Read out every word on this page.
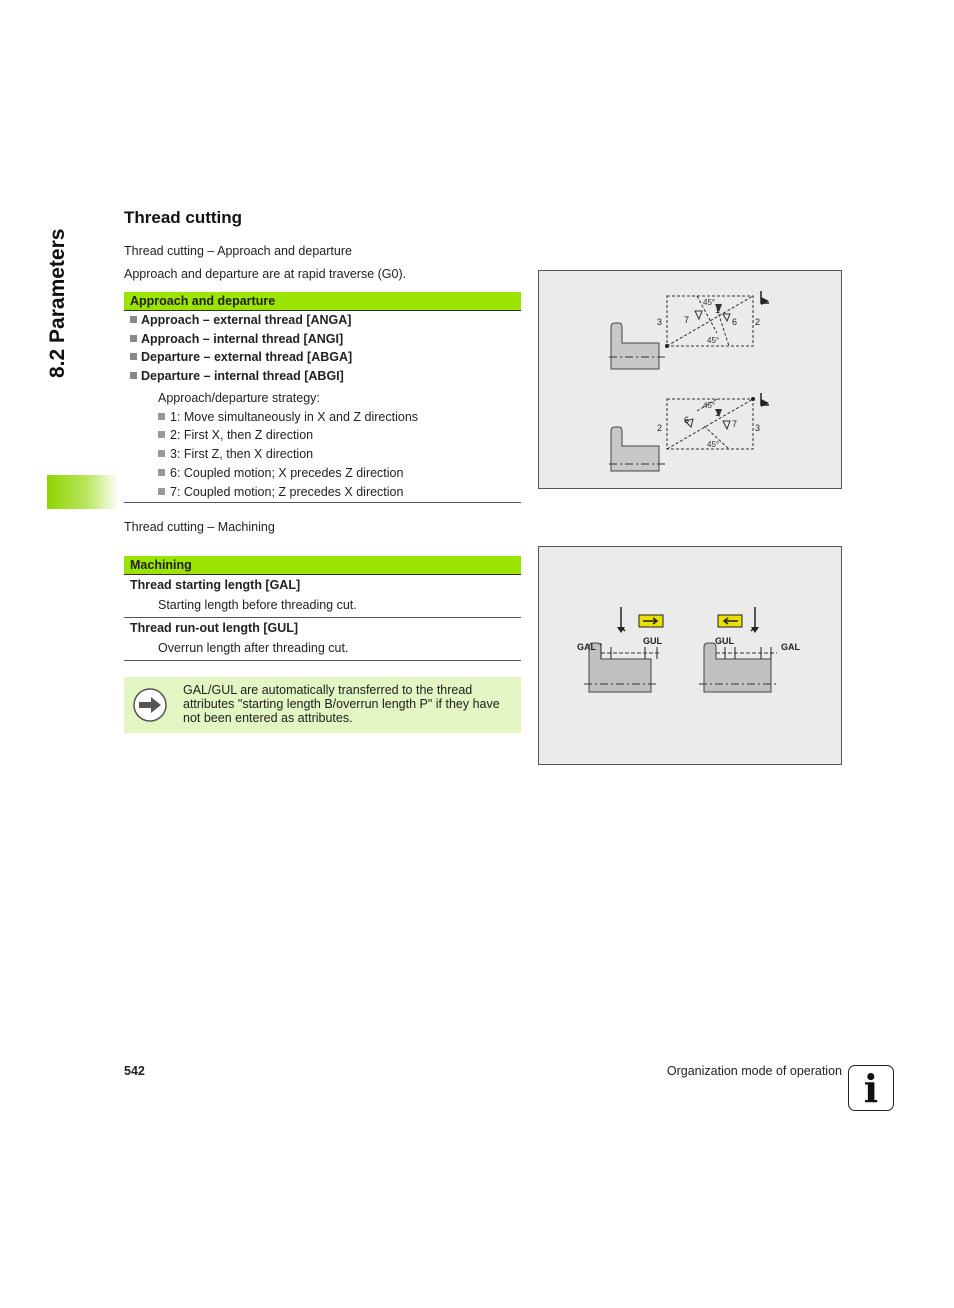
8.2 Parameters
Thread cutting
Thread cutting – Approach and departure
Approach and departure are at rapid traverse (G0).
Approach and departure
Approach – external thread [ANGA]
Approach – internal thread [ANGI]
Departure – external thread [ABGA]
Departure – internal thread [ABGI]
Approach/departure strategy:
1: Move simultaneously in X and Z directions
2: First X, then Z direction
3: First Z, then X direction
6: Coupled motion; X precedes Z direction
7: Coupled motion; Z precedes X direction
Thread cutting – Machining
Machining
Thread starting length [GAL]
Starting length before threading cut.
Thread run-out length [GUL]
Overrun length after threading cut.
GAL/GUL are automatically transferred to the thread attributes "starting length B/overrun length P" if they have not been entered as attributes.
45°
45°
3 7
1
6 2
45°
45°
2
6
1
7 3
GAL
GUL	GUL
GAL
542	Organization mode of operation i
